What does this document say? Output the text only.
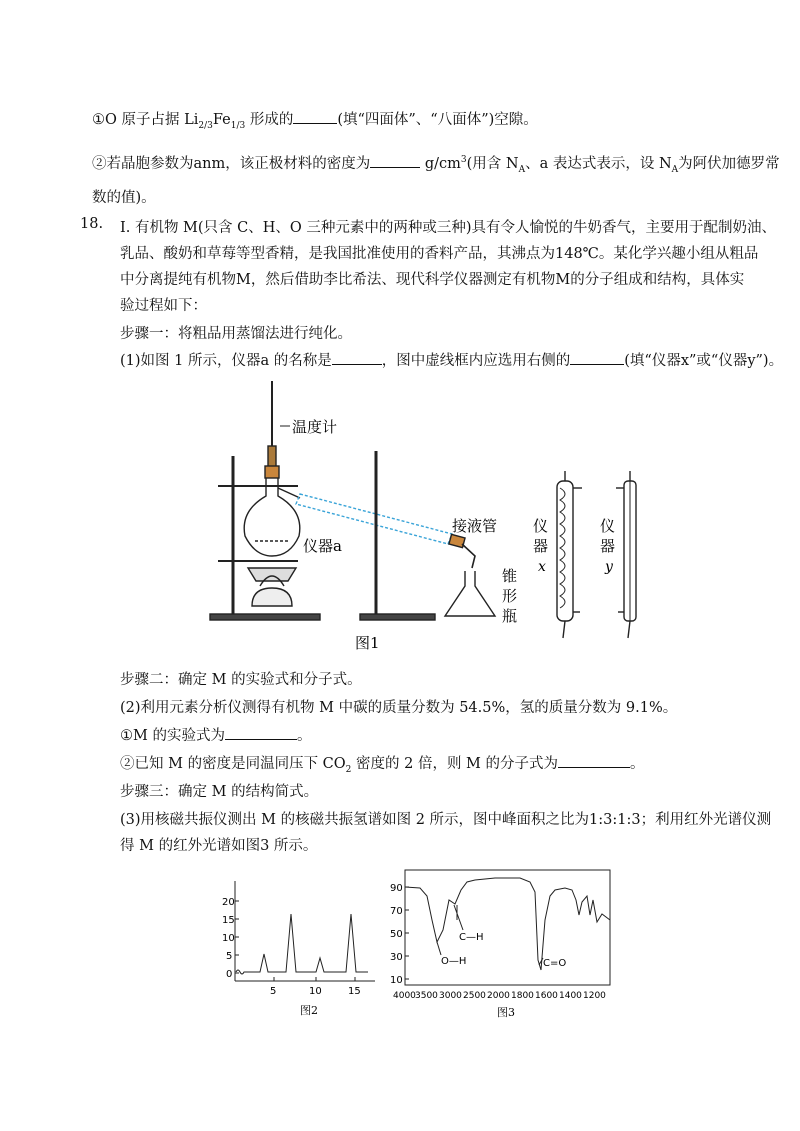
①O 原子占据 $Li_{2/3}Fe_{1/3}$ 形成的	(填“四面体”、“八面体”)空隙。
②若晶胞参数为anm，该正极材料的密度为	$g/cm^3$(用含 $N_A$、a 表达式表示，设 $N_A$为阿伏加德罗常
数的值)。
18. I. 有机物 M(只含 C、H、O 三种元素中的两种或三种)具有令人愉悦的牛奶香气，主要用于配制奶油、
乳品、酸奶和草莓等型香精，是我国批准使用的香料产品，其沸点为148℃。某化学兴趣小组从粗品
中分离提纯有机物M，然后借助李比希法、现代科学仪器测定有机物M的分子组成和结构，具体实
验过程如下：
步骤一：将粗品用蒸馏法进行纯化。
(1)如图 1 所示，仪器a 的名称是	，图中虚线框内应选用右侧的	(填“仪器x”或“仪器y”)。
温度计
仪器a
接液管
锥
形
瓶
仪
器
x
仪
器
y
图1
步骤二：确定 M 的实验式和分子式。
(2)利用元素分析仪测得有机物 M 中碳的质量分数为 54.5%，氢的质量分数为 9.1%。
①M 的实验式为	。
②已知 M 的密度是同温同压下 $CO_2$ 密度的 2 倍，则 M 的分子式为	。
步骤三：确定 M 的结构简式。
(3)用核磁共振仪测出 M 的核磁共振氢谱如图 2 所示，图中峰面积之比为1:3:1:3；利用红外光谱仪测
得 M 的红外光谱如图3 所示。
20
15
10
5
0
5	10	15
图2
90
70
50
30
10
C—H
O—H	C=O
4000 3500 3000 2500 2000 1800 1600 1400 1200
图3
